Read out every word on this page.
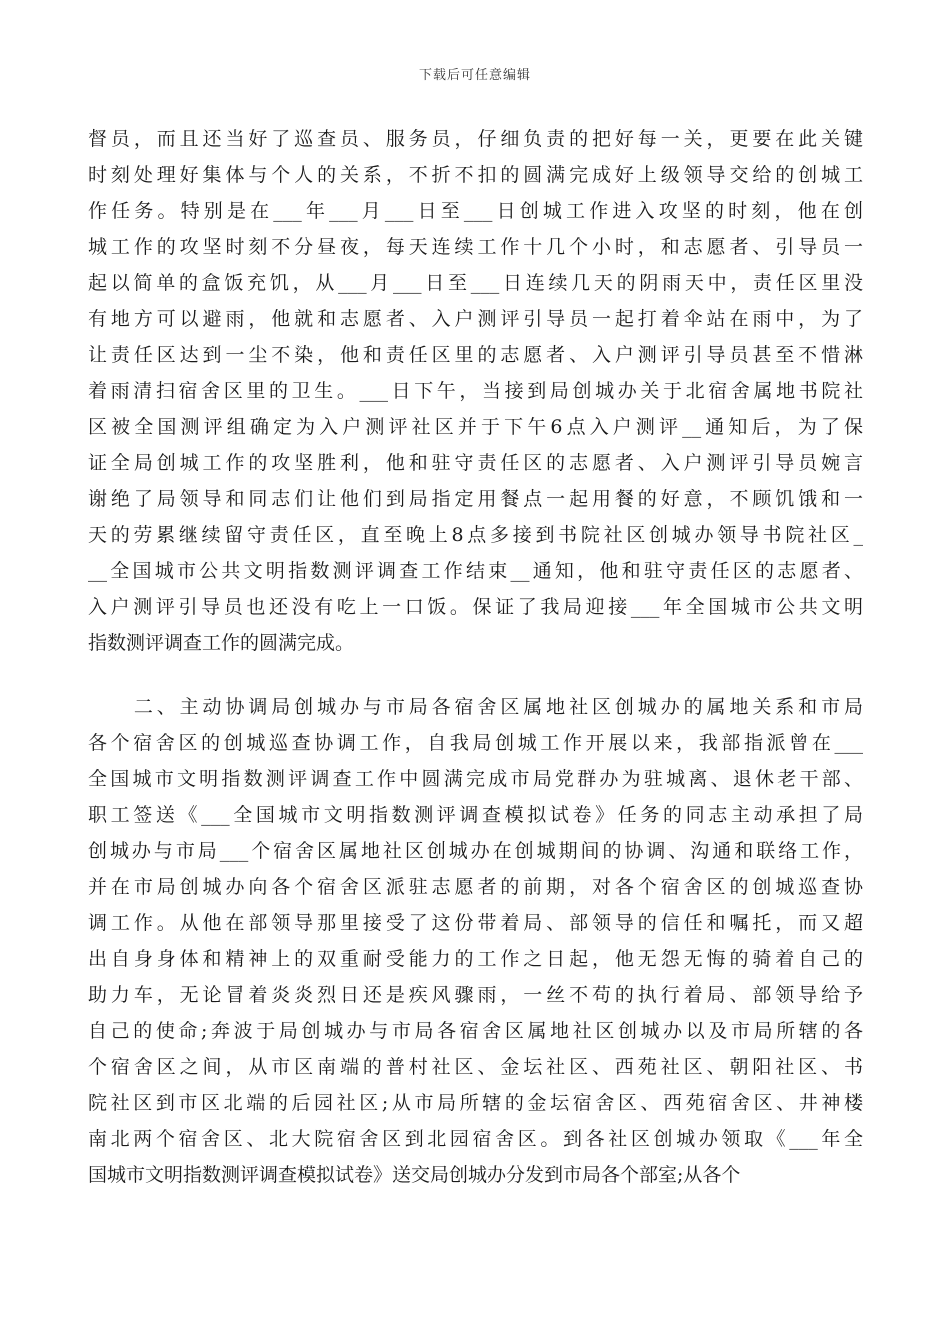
下载后可任意编辑
督员，而且还当好了巡查员、服务员，仔细负责的把好每一关，更要在此关键
时刻处理好集体与个人的关系，不折不扣的圆满完成好上级领导交给的创城工
作任务。特别是在___年___月___日至___日创城工作进入攻坚的时刻，他在创
城工作的攻坚时刻不分昼夜，每天连续工作十几个小时，和志愿者、引导员一
起以简单的盒饭充饥，从___月___日至___日连续几天的阴雨天中，责任区里没
有地方可以避雨，他就和志愿者、入户测评引导员一起打着伞站在雨中，为了
让责任区达到一尘不染，他和责任区里的志愿者、入户测评引导员甚至不惜淋
着雨清扫宿舍区里的卫生。___日下午，当接到局创城办关于北宿舍属地书院社
区被全国测评组确定为入户测评社区并于下午6点入户测评__通知后，为了保
证全局创城工作的攻坚胜利，他和驻守责任区的志愿者、入户测评引导员婉言
谢绝了局领导和同志们让他们到局指定用餐点一起用餐的好意，不顾饥饿和一
天的劳累继续留守责任区，直至晚上8点多接到书院社区创城办领导书院社区_
__全国城市公共文明指数测评调查工作结束__通知，他和驻守责任区的志愿者、
入户测评引导员也还没有吃上一口饭。保证了我局迎接___年全国城市公共文明
指数测评调查工作的圆满完成。
　　二、主动协调局创城办与市局各宿舍区属地社区创城办的属地关系和市局
各个宿舍区的创城巡查协调工作，自我局创城工作开展以来，我部指派曾在___
全国城市文明指数测评调查工作中圆满完成市局党群办为驻城离、退休老干部、
职工签送《___全国城市文明指数测评调查模拟试卷》任务的同志主动承担了局
创城办与市局___个宿舍区属地社区创城办在创城期间的协调、沟通和联络工作，
并在市局创城办向各个宿舍区派驻志愿者的前期，对各个宿舍区的创城巡查协
调工作。从他在部领导那里接受了这份带着局、部领导的信任和嘱托，而又超
出自身身体和精神上的双重耐受能力的工作之日起，他无怨无悔的骑着自己的
助力车，无论冒着炎炎烈日还是疾风骤雨，一丝不苟的执行着局、部领导给予
自己的使命;奔波于局创城办与市局各宿舍区属地社区创城办以及市局所辖的各
个宿舍区之间，从市区南端的普村社区、金坛社区、西苑社区、朝阳社区、书
院社区到市区北端的后园社区;从市局所辖的金坛宿舍区、西苑宿舍区、井神楼
南北两个宿舍区、北大院宿舍区到北园宿舍区。到各社区创城办领取《___年全
国城市文明指数测评调查模拟试卷》送交局创城办分发到市局各个部室;从各个
